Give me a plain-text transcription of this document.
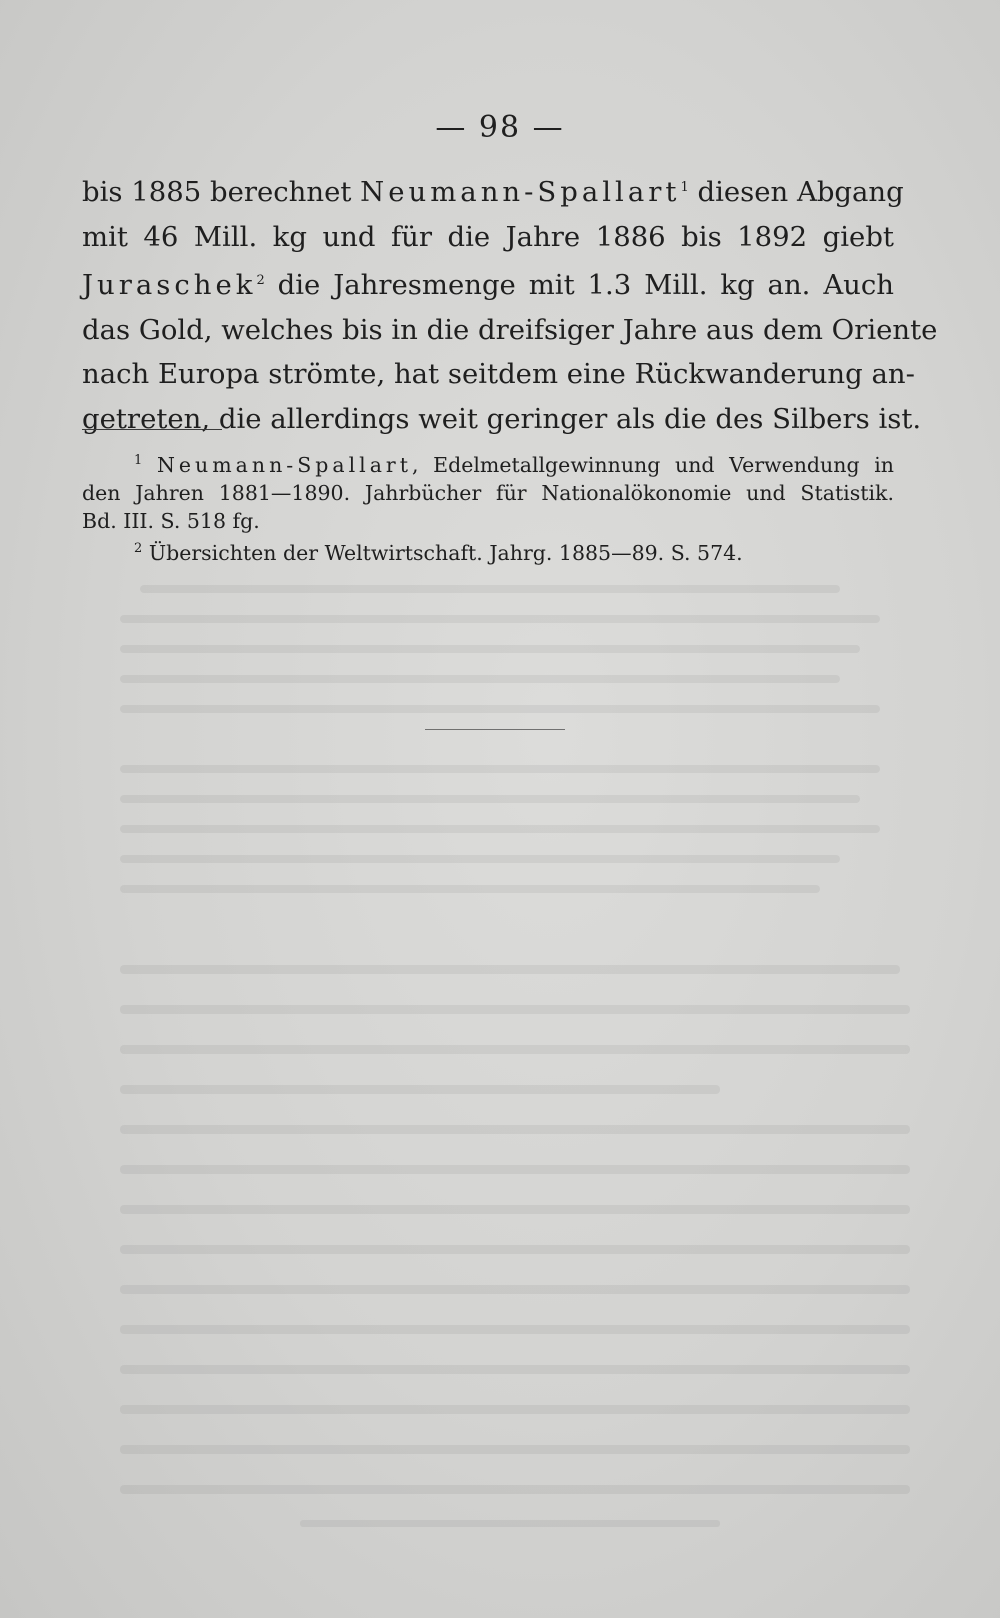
— 98 —
bis 1885 berechnet Neumann-Spallart$^1$ diesen Abgang
mit 46 Mill. kg und für die Jahre 1886 bis 1892 giebt
Juraschek$^2$ die Jahresmenge mit 1.3 Mill. kg an. Auch
das Gold, welches bis in die dreifsiger Jahre aus dem Oriente
nach Europa strömte, hat seitdem eine Rückwanderung an-
getreten, die allerdings weit geringer als die des Silbers ist.
$^1$ Neumann-Spallart, Edelmetallgewinnung und Verwendung in
den Jahren 1881—1890. Jahrbücher für Nationalökonomie und Statistik.
Bd. III. S. 518 fg.
$^2$ Übersichten der Weltwirtschaft. Jahrg. 1885—89. S. 574.
